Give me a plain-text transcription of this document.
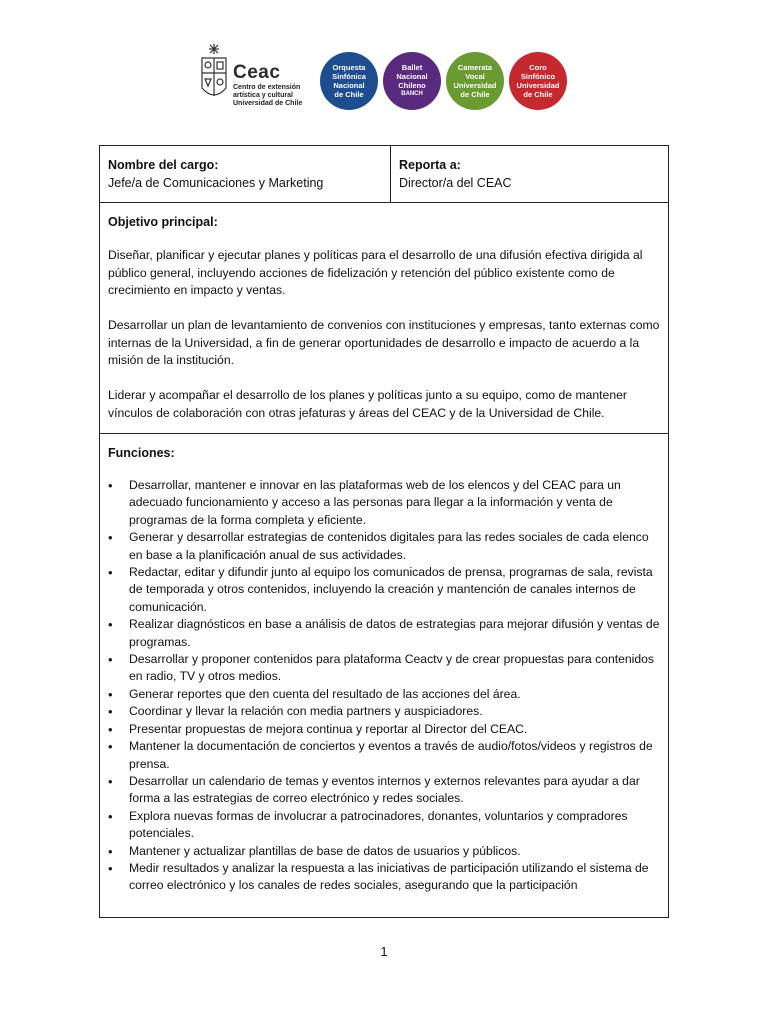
Ceac
Centro de extensión
artística y cultural
Universidad de Chile
Orquesta
Sinfónica
Nacional
de Chile
Ballet
Nacional
Chileno
BANCH
Camerata
Vocal
Universidad
de Chile
Coro
Sinfónico
Universidad
de Chile
Nombre del cargo:
Jefe/a de Comunicaciones y Marketing
Reporta a:
Director/a del CEAC
Objetivo principal:
Diseñar, planificar y ejecutar planes y políticas para el desarrollo de una difusión efectiva dirigida al público general, incluyendo acciones de fidelización y retención del público existente como de crecimiento en impacto y ventas.
Desarrollar un plan de levantamiento de convenios con instituciones y empresas, tanto externas como internas de la Universidad, a fin de generar oportunidades de desarrollo e impacto de acuerdo a la misión de la institución.
Liderar y acompañar el desarrollo de los planes y políticas junto a su equipo, como de mantener vínculos de colaboración con otras jefaturas y áreas del CEAC y de la Universidad de Chile.
Funciones:
• Desarrollar, mantener e innovar en las plataformas web de los elencos y del CEAC para un adecuado funcionamiento y acceso a las personas para llegar a la información y venta de programas de la forma completa y eficiente.
• Generar y desarrollar estrategias de contenidos digitales para las redes sociales de cada elenco en base a la planificación anual de sus actividades.
• Redactar, editar y difundir junto al equipo los comunicados de prensa, programas de sala, revista de temporada y otros contenidos, incluyendo la creación y mantención de canales internos de comunicación.
• Realizar diagnósticos en base a análisis de datos de estrategias para mejorar difusión y ventas de programas.
• Desarrollar y proponer contenidos para plataforma Ceactv y de crear propuestas para contenidos en radio, TV y otros medios.
• Generar reportes que den cuenta del resultado de las acciones del área.
• Coordinar y llevar la relación con media partners y auspiciadores.
• Presentar propuestas de mejora continua y reportar al Director del CEAC.
• Mantener la documentación de conciertos y eventos a través de audio/fotos/videos y registros de prensa.
• Desarrollar un calendario de temas y eventos internos y externos relevantes para ayudar a dar forma a las estrategias de correo electrónico y redes sociales.
• Explora nuevas formas de involucrar a patrocinadores, donantes, voluntarios y compradores potenciales.
• Mantener y actualizar plantillas de base de datos de usuarios y públicos.
• Medir resultados y analizar la respuesta a las iniciativas de participación utilizando el sistema de correo electrónico y los canales de redes sociales, asegurando que la participación
1
